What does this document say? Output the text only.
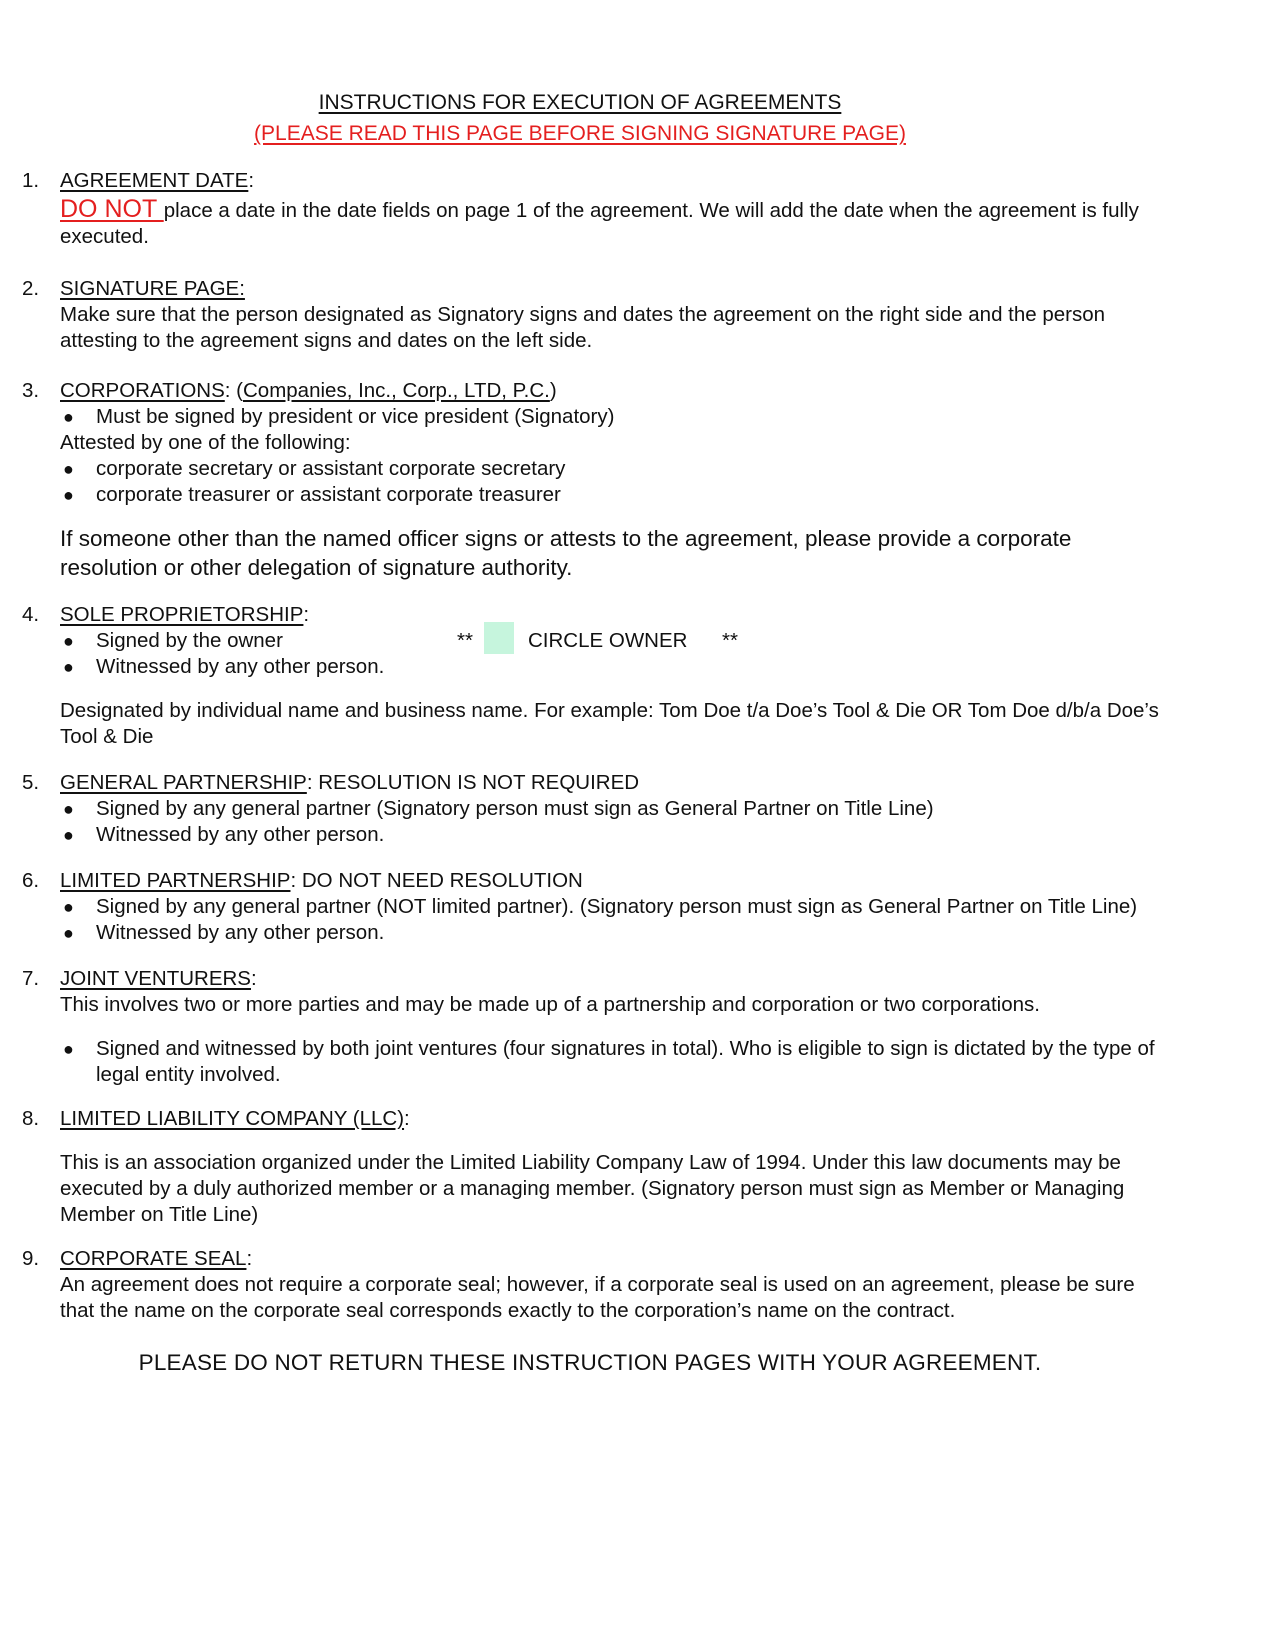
INSTRUCTIONS FOR EXECUTION OF AGREEMENTS
(PLEASE READ THIS PAGE BEFORE SIGNING SIGNATURE PAGE)
1.	AGREEMENT DATE:
DO NOT place a date in the date fields on page 1 of the agreement. We will add the date when the agreement is fully executed.
2.	SIGNATURE PAGE:
Make sure that the person designated as Signatory signs and dates the agreement on the right side and the person attesting to the agreement signs and dates on the left side.
3.	CORPORATIONS: (Companies, Inc., Corp., LTD, P.C.)
● Must be signed by president or vice president (Signatory)
Attested by one of the following:
● corporate secretary or assistant corporate secretary
● corporate treasurer or assistant corporate treasurer
If someone other than the named officer signs or attests to the agreement, please provide a corporate resolution or other delegation of signature authority.
4.	SOLE PROPRIETORSHIP:
● Signed by the owner	**	CIRCLE OWNER **
● Witnessed by any other person.
Designated by individual name and business name. For example: Tom Doe t/a Doe’s Tool & Die OR Tom Doe d/b/a Doe’s Tool & Die
5.	GENERAL PARTNERSHIP: RESOLUTION IS NOT REQUIRED
● Signed by any general partner (Signatory person must sign as General Partner on Title Line)
● Witnessed by any other person.
6.	LIMITED PARTNERSHIP: DO NOT NEED RESOLUTION
● Signed by any general partner (NOT limited partner). (Signatory person must sign as General Partner on Title Line)
● Witnessed by any other person.
7.	JOINT VENTURERS:
This involves two or more parties and may be made up of a partnership and corporation or two corporations.
● Signed and witnessed by both joint ventures (four signatures in total). Who is eligible to sign is dictated by the type of legal entity involved.
8.	LIMITED LIABILITY COMPANY (LLC):
This is an association organized under the Limited Liability Company Law of 1994. Under this law documents may be executed by a duly authorized member or a managing member. (Signatory person must sign as Member or Managing Member on Title Line)
9.	CORPORATE SEAL:
An agreement does not require a corporate seal; however, if a corporate seal is used on an agreement, please be sure that the name on the corporate seal corresponds exactly to the corporation’s name on the contract.
PLEASE DO NOT RETURN THESE INSTRUCTION PAGES WITH YOUR AGREEMENT.
